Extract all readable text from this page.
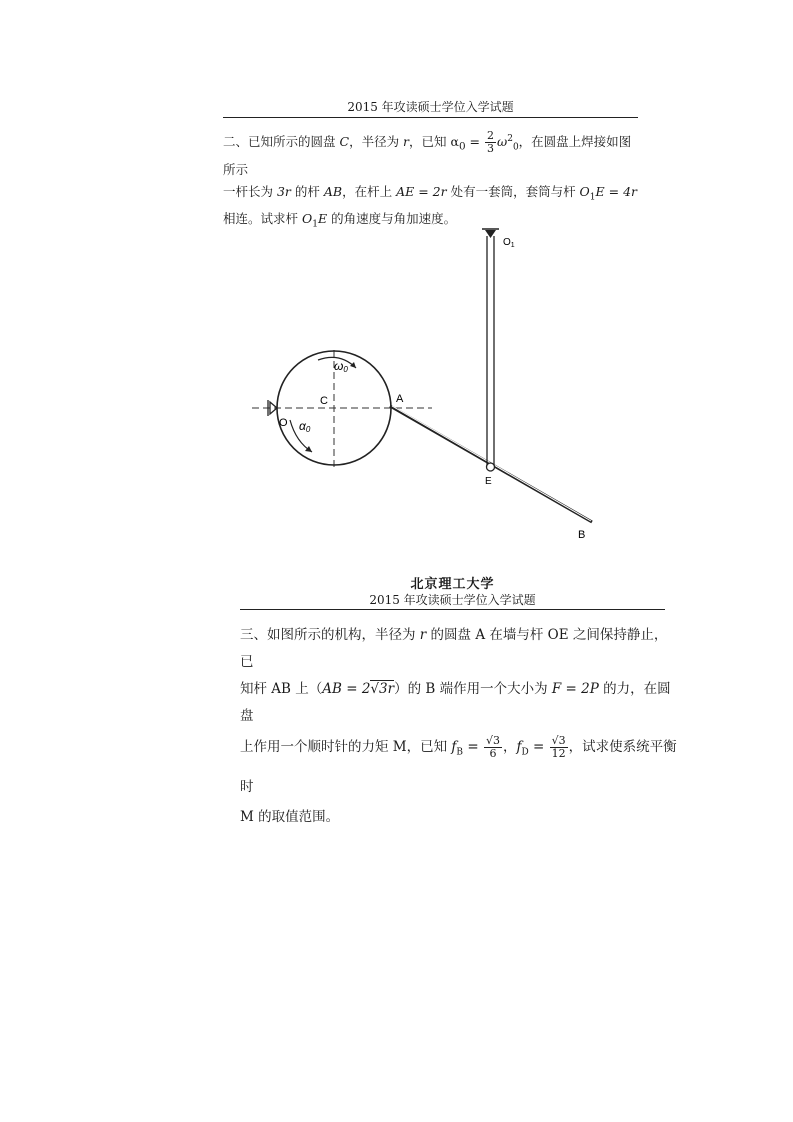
2015 年攻读硕士学位入学试题
二、已知所示的圆盘 C，半径为 r，已知 $\alpha_0 = \frac{2}{3} \omega^2_0$，在圆盘上焊接如图所示
一杆长为 3r 的杆 AB，在杆上 AE = 2r 处有一套筒，套筒与杆 $O_1E = 4r$
相连。试求杆 $O_1E$ 的角速度与角加速度。
$O_1$
ω0
C	A
O α0
E
B
北京理工大学
2015 年攻读硕士学位入学试题
三、如图所示的机构，半径为 r 的圆盘 A 在墙与杆 OE 之间保持静止，已
知杆 AB 上（AB = 2√3r）的 B 端作用一个大小为 F = 2P 的力，在圆盘
上作用一个顺时针的力矩 M，已知 $f_B = \frac{√3}{6}$ ，$f_D = \frac{√3}{12}$ ，试求使系统平衡时
M 的取值范围。
